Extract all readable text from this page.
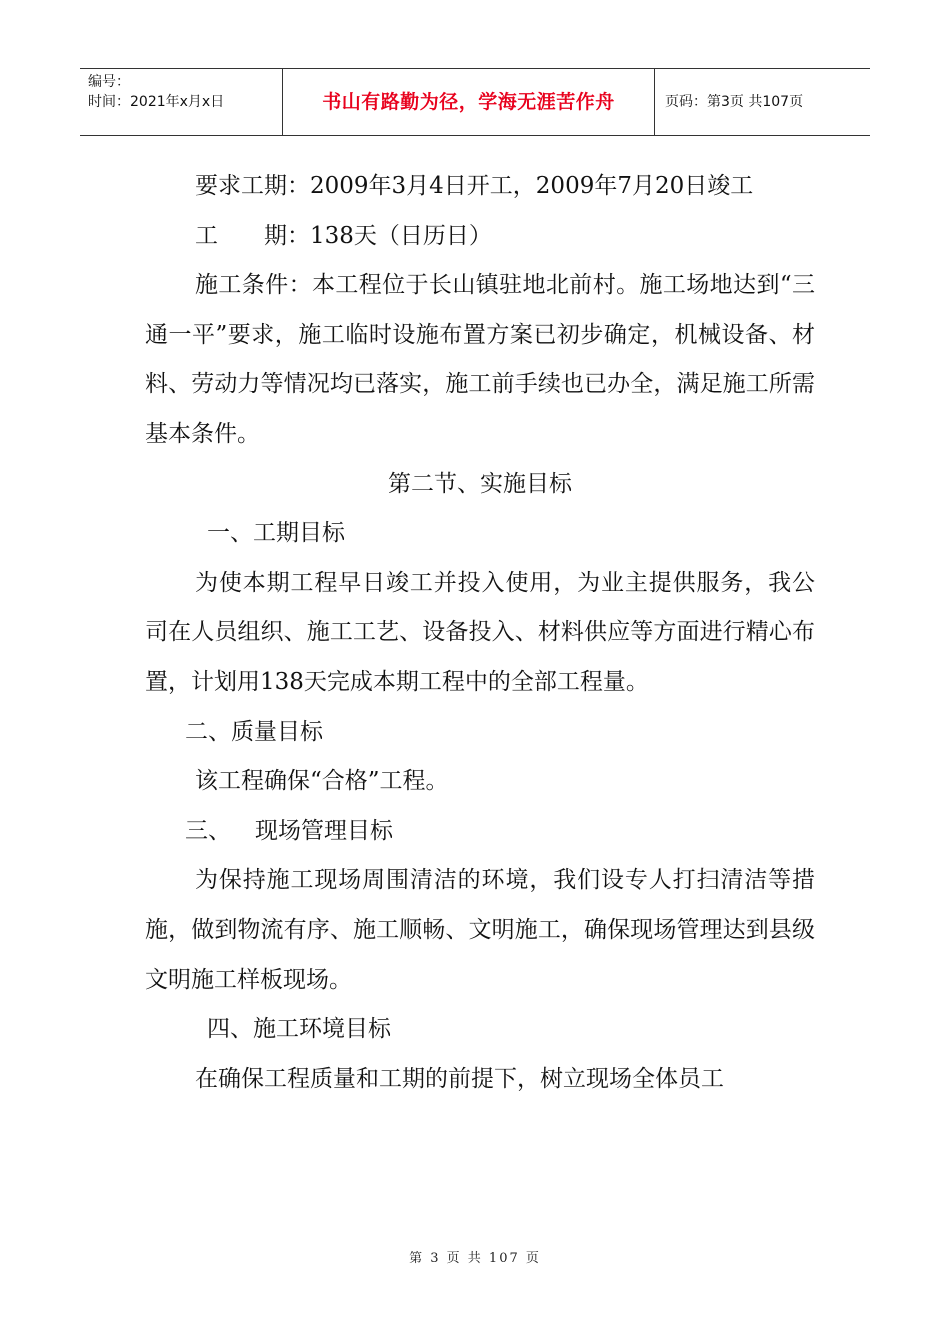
编号：
时间：2021年x月x日	书山有路勤为径，学海无涯苦作舟	页码：第3页 共107页

要求工期：2009年3月4日开工，2009年7月20日竣工

工 期：138天（日历日）

施工条件：本工程位于长山镇驻地北前村。施工场地达到“三通一平”要求，施工临时设施布置方案已初步确定，机械设备、材料、劳动力等情况均已落实，施工前手续也已办全，满足施工所需基本条件。

第二节、实施目标

一、工期目标

为使本期工程早日竣工并投入使用，为业主提供服务，我公司在人员组织、施工工艺、设备投入、材料供应等方面进行精心布置，计划用138天完成本期工程中的全部工程量。

二、质量目标

该工程确保“合格”工程。

三、 现场管理目标

为保持施工现场周围清洁的环境，我们设专人打扫清洁等措施，做到物流有序、施工顺畅、文明施工，确保现场管理达到县级文明施工样板现场。

四、施工环境目标

在确保工程质量和工期的前提下，树立现场全体员工

第 3 页 共 107 页
